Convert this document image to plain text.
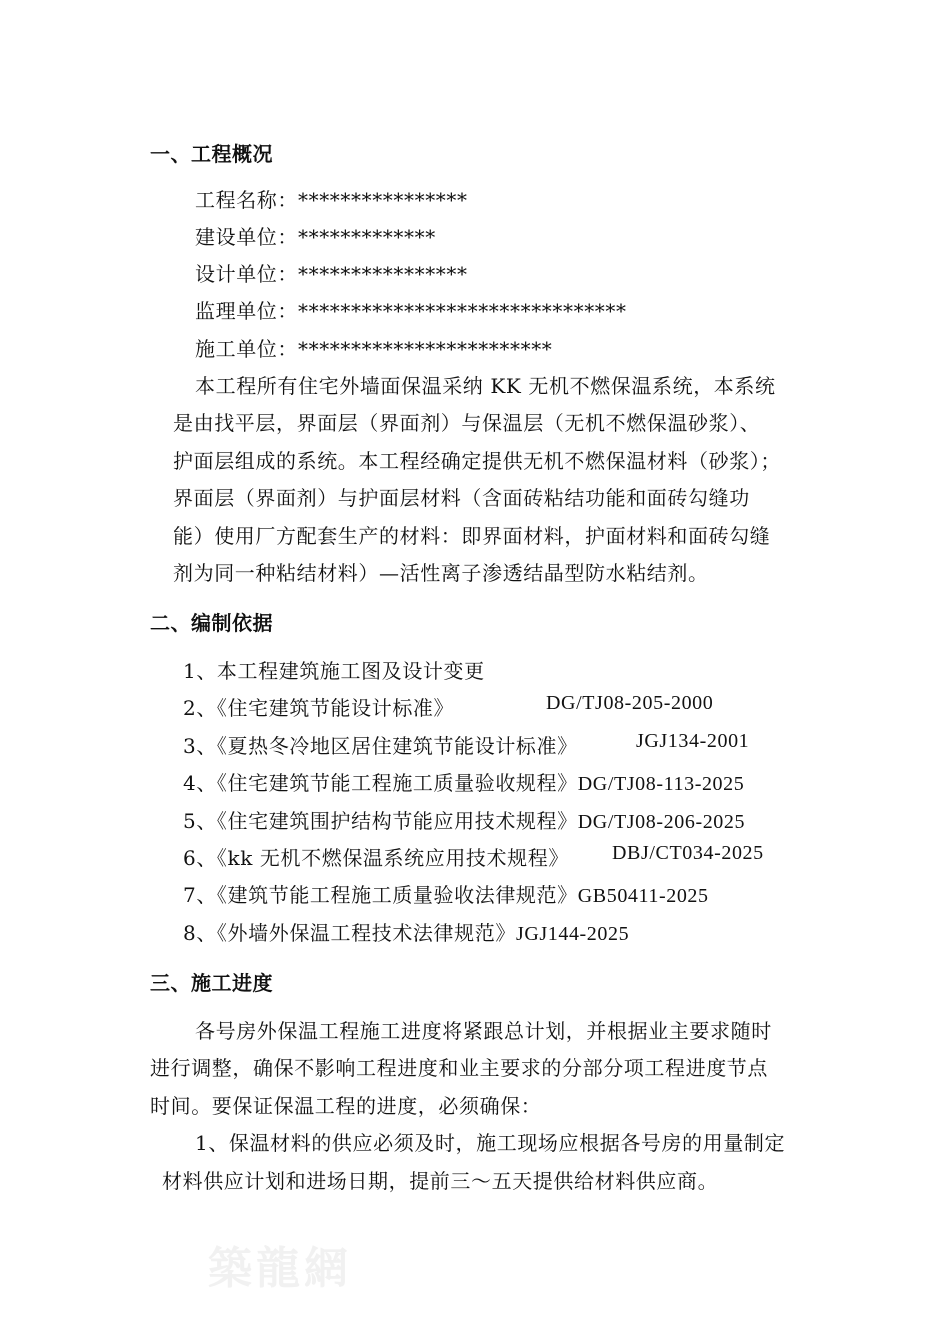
一、工程概况
工程名称：****************
建设单位：*************
设计单位：****************
监理单位：*******************************
施工单位：************************
本工程所有住宅外墙面保温采纳 KK 无机不燃保温系统，本系统
是由找平层，界面层（界面剂）与保温层（无机不燃保温砂浆）、
护面层组成的系统。本工程经确定提供无机不燃保温材料（砂浆）；
界面层（界面剂）与护面层材料（含面砖粘结功能和面砖勾缝功
能）使用厂方配套生产的材料：即界面材料，护面材料和面砖勾缝
剂为同一种粘结材料）—活性离子渗透结晶型防水粘结剂。
二、编制依据
1、本工程建筑施工图及设计变更
2、《住宅建筑节能设计标准》	DG/TJ08-205-2000
3、《夏热冬冷地区居住建筑节能设计标准》	JGJ134-2001
4、《住宅建筑节能工程施工质量验收规程》DG/TJ08-113-2025
5、《住宅建筑围护结构节能应用技术规程》DG/TJ08-206-2025
6、《kk 无机不燃保温系统应用技术规程》 DBJ/CT034-2025
7、《建筑节能工程施工质量验收法律规范》GB50411-2025
8、《外墙外保温工程技术法律规范》JGJ144-2025
三、施工进度
各号房外保温工程施工进度将紧跟总计划，并根据业主要求随时
进行调整，确保不影响工程进度和业主要求的分部分项工程进度节点
时间。要保证保温工程的进度，必须确保：
1、保温材料的供应必须及时，施工现场应根据各号房的用量制定
材料供应计划和进场日期，提前三～五天提供给材料供应商。
築龍網
